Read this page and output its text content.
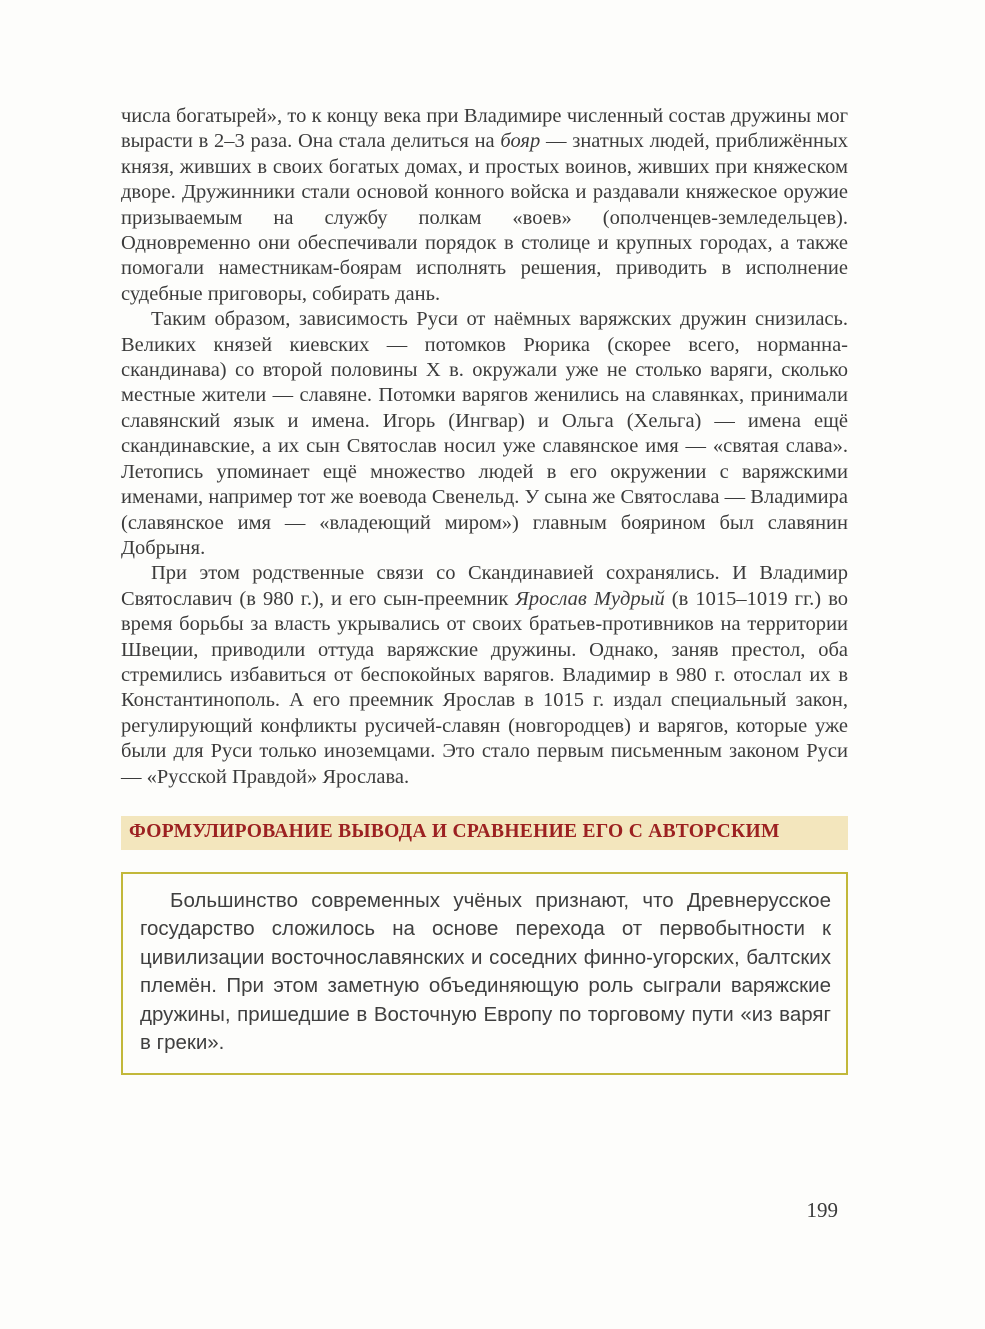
числа богатырей», то к концу века при Владимире численный состав дружины мог вырасти в 2–3 раза. Она стала делиться на бояр — знатных людей, приближённых князя, живших в своих богатых домах, и простых воинов, живших при княжеском дворе. Дружинники стали основой конного войска и раздавали княжеское оружие призываемым на службу полкам «воев» (ополченцев-земледельцев). Одновременно они обеспечивали порядок в столице и крупных городах, а также помогали наместникам-боярам исполнять решения, приводить в исполнение судебные приговоры, собирать дань.

Таким образом, зависимость Руси от наёмных варяжских дружин снизилась. Великих князей киевских — потомков Рюрика (скорее всего, норманна-скандинава) со второй половины X в. окружали уже не столько варяги, сколько местные жители — славяне. Потомки варягов женились на славянках, принимали славянский язык и имена. Игорь (Ингвар) и Ольга (Хельга) — имена ещё скандинавские, а их сын Святослав носил уже славянское имя — «святая слава». Летопись упоминает ещё множество людей в его окружении с варяжскими именами, например тот же воевода Свенельд. У сына же Святослава — Владимира (славянское имя — «владеющий миром») главным боярином был славянин Добрыня.

При этом родственные связи со Скандинавией сохранялись. И Владимир Святославич (в 980 г.), и его сын-преемник Ярослав Мудрый (в 1015–1019 гг.) во время борьбы за власть укрывались от своих братьев-противников на территории Швеции, приводили оттуда варяжские дружины. Однако, заняв престол, оба стремились избавиться от беспокойных варягов. Владимир в 980 г. отослал их в Константинополь. А его преемник Ярослав в 1015 г. издал специальный закон, регулирующий конфликты русичей-славян (новгородцев) и варягов, которые уже были для Руси только иноземцами. Это стало первым письменным законом Руси — «Русской Правдой» Ярослава.

ФОРМУЛИРОВАНИЕ ВЫВОДА И СРАВНЕНИЕ ЕГО С АВТОРСКИМ

Большинство современных учёных признают, что Древнерусское государство сложилось на основе перехода от первобытности к цивилизации восточнославянских и соседних финно-угорских, балтских племён. При этом заметную объединяющую роль сыграли варяжские дружины, пришедшие в Восточную Европу по торговому пути «из варяг в греки».

199
